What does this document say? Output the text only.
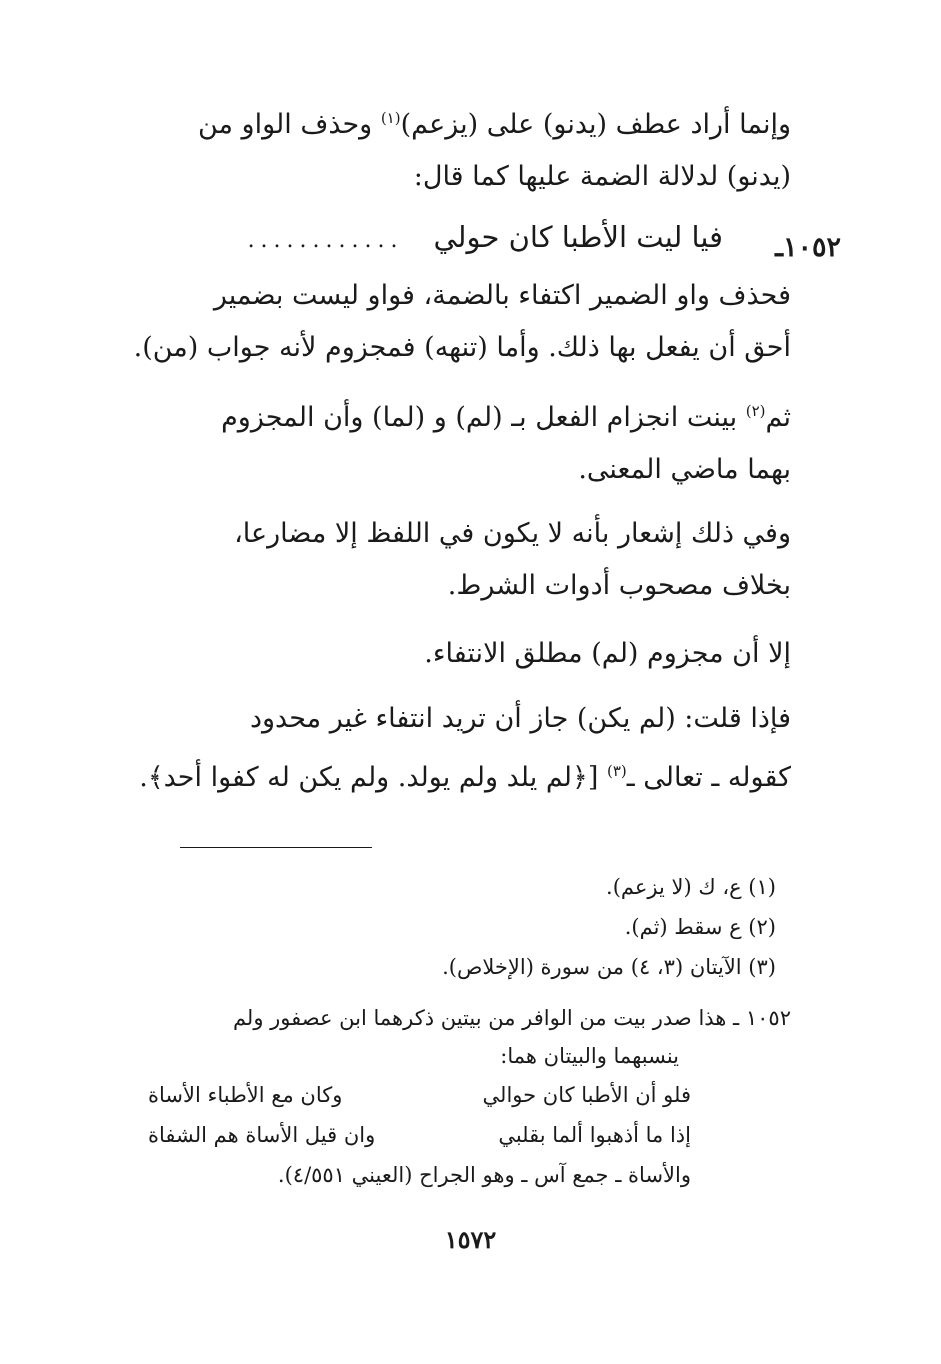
وإنما أراد عطف (يدنو) على (يزعم)$^{(١)}$ وحذف الواو من
(يدنو) لدلالة الضمة عليها كما قال:
فحذف واو الضمير اكتفاء بالضمة، فواو ليست بضمير
أحق أن يفعل بها ذلك. وأما (تنهه) فمجزوم لأنه جواب (من).
ثم$^{(٢)}$ بينت انجزام الفعل بـ (لم) و (لما) وأن المجزوم
بهما ماضي المعنى.
وفي ذلك إشعار بأنه لا يكون في اللفظ إلا مضارعا،
بخلاف مصحوب أدوات الشرط.
إلا أن مجزوم (لم) مطلق الانتفاء.
فإذا قلت: (لم يكن) جاز أن تريد انتفاء غير محدود
كقوله ـ تعالى ـ$^{(٣)}$ [﴿لم يلد ولم يولد. ولم يكن له كفوا أحد﴾.
١٠٥٢ـ
فيا ليت الأطبا كان حولي
............
(١) ع، ك (لا يزعم).
(٢) ع سقط (ثم).
(٣) الآيتان (٣، ٤) من سورة (الإخلاص).
١٠٥٢ ـ هذا صدر بيت من الوافر من بيتين ذكرهما ابن عصفور ولم
ينسبهما والبيتان هما:
فلو أن الأطبا كان حوالي
وكان مع الأطباء الأساة
إذا ما أذهبوا ألما بقلبي
وان قيل الأساة هم الشفاة
والأساة ـ جمع آس ـ وهو الجراح (العيني ٤/٥٥١).
١٥٧٢
